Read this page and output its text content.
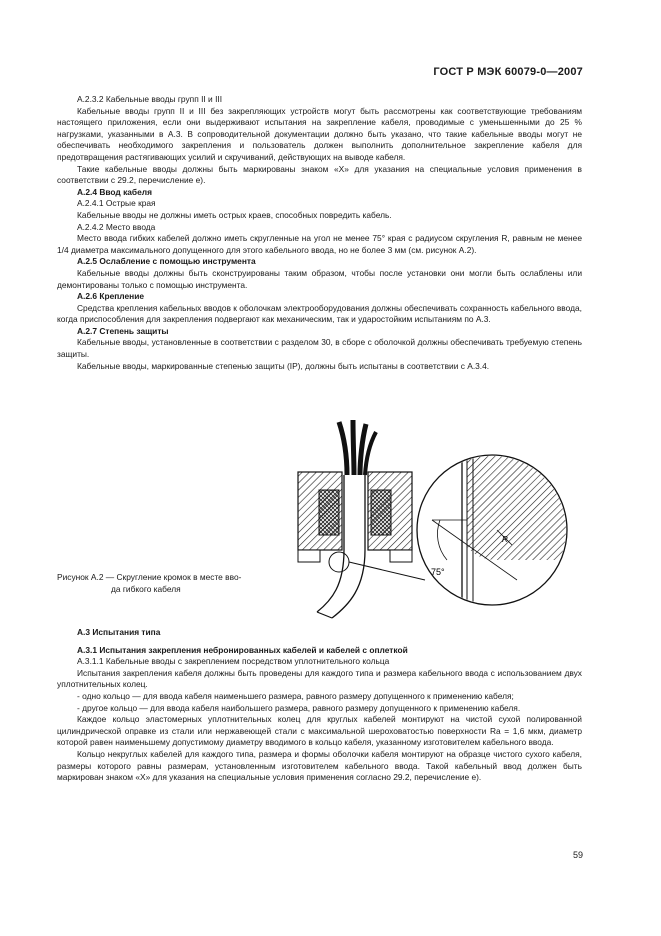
ГОСТ Р МЭК 60079-0—2007

А.2.3.2 Кабельные вводы групп II и III

Кабельные вводы групп II и III без закрепляющих устройств могут быть рассмотрены как соответствующие требованиям настоящего приложения, если они выдерживают испытания на закрепление кабеля, проводимые с уменьшенными до 25 % нагрузками, указанными в А.3. В сопроводительной документации должно быть указано, что такие кабельные вводы могут не обеспечивать необходимого закрепления и пользователь должен выполнить дополнительное закрепление кабеля для предотвращения растягивающих усилий и скручиваний, действующих на выводе кабеля.

Такие кабельные вводы должны быть маркированы знаком «X» для указания на специальные условия применения в соответствии с 29.2, перечисление е).

А.2.4 Ввод кабеля

А.2.4.1 Острые края

Кабельные вводы не должны иметь острых краев, способных повредить кабель.

А.2.4.2 Место ввода

Место ввода гибких кабелей должно иметь скругленные на угол не менее 75° края с радиусом скругления R, равным не менее 1/4 диаметра максимального допущенного для этого кабельного ввода, но не более 3 мм (см. рисунок А.2).

А.2.5 Ослабление с помощью инструмента

Кабельные вводы должны быть сконструированы таким образом, чтобы после установки они могли быть ослаблены или демонтированы только с помощью инструмента.

А.2.6 Крепление

Средства крепления кабельных вводов к оболочкам электрооборудования должны обеспечивать сохранность кабельного ввода, когда приспособления для закрепления подвергают как механическим, так и ударостойким испытаниям по А.3.

А.2.7 Степень защиты

Кабельные вводы, установленные в соответствии с разделом 30, в сборе с оболочкой должны обеспечивать требуемую степень защиты.

Кабельные вводы, маркированные степенью защиты (IP), должны быть испытаны в соответствии с А.3.4.

75°
R
Рисунок А.2 — Скругление кромок в месте вво-
да гибкого кабеля

А.3 Испытания типа

А.3.1 Испытания закрепления небронированных кабелей и кабелей с оплеткой

А.3.1.1 Кабельные вводы с закреплением посредством уплотнительного кольца

Испытания закрепления кабеля должны быть проведены для каждого типа и размера кабельного ввода с использованием двух уплотнительных колец.

- одно кольцо — для ввода кабеля наименьшего размера, равного размеру допущенного к применению кабеля;

- другое кольцо — для ввода кабеля наибольшего размера, равного размеру допущенного к применению кабеля.

Каждое кольцо эластомерных уплотнительных колец для круглых кабелей монтируют на чистой сухой полированной цилиндрической оправке из стали или нержавеющей стали с максимальной шероховатостью поверхности Ra = 1,6 мкм, диаметр которой равен наименьшему допустимому диаметру вводимого в кольцо кабеля, указанному изготовителем кабельного ввода.

Кольцо некруглых кабелей для каждого типа, размера и формы оболочки кабеля монтируют на образце чистого сухого кабеля, размеры которого равны размерам, установленным изготовителем кабельного ввода. Такой кабельный ввод должен быть маркирован знаком «X» для указания на специальные условия применения согласно 29.2, перечисление е).

59
